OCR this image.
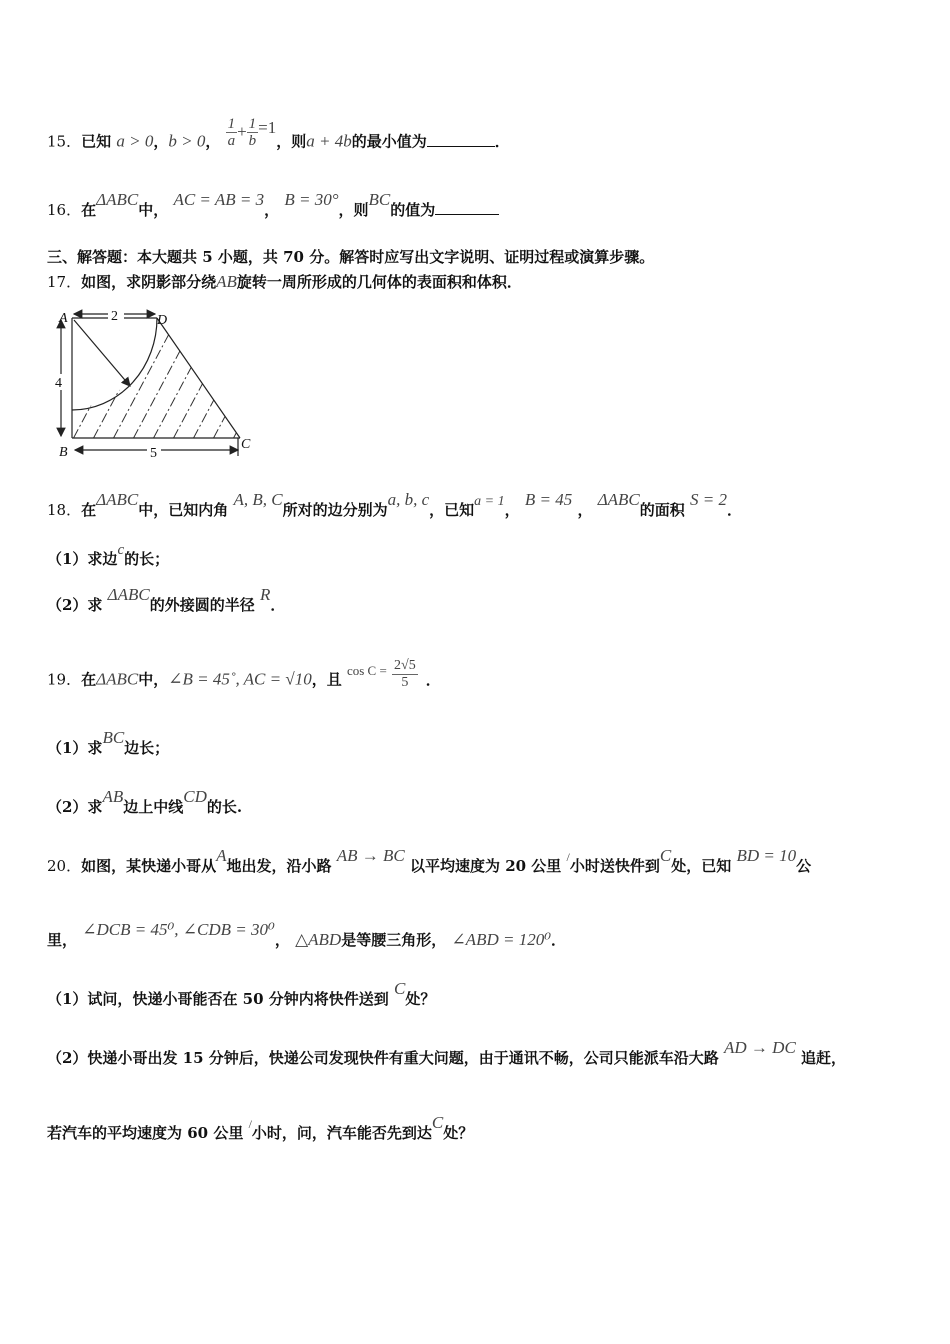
15．已知 a > 0，b > 0， $\frac{1}{a} + \frac{1}{b} =1$，则a + 4b的最小值为	．
16．在ΔABC中， AC = AB = 3， B = 30°，则BC的值为
三、解答题：本大题共 5 小题，共 70 分。解答时应写出文字说明、证明过程或演算步骤。
17．如图，求阴影部分绕AB旋转一周所形成的几何体的表面积和体积．
A	D
B
C
2
4
5
18．在ΔABC中，已知内角 A, B, C所对的边分别为a, b, c，已知a = 1， B = 45 ， ΔABC的面积 S = 2．
（1）求边c的长；
（2）求 ΔABC的外接圆的半径 R．
19．在ΔABC中，∠B = 45˚, AC = √10，且 $\cos C = \frac{2√5}{5}$ ．
（1）求BC边长；
（2）求AB边上中线CD的长.
20．如图，某快递小哥从A地出发，沿小路 AB → BC 以平均速度为 20 公里 /小时送快件到C处，已知 BD = 10公
里， ∠DCB = 45⁰, ∠CDB = 30⁰， △ABD是等腰三角形， ∠ABD = 120⁰．
（1）试问，快递小哥能否在 50 分钟内将快件送到 C处？
（2）快递小哥出发 15 分钟后，快递公司发现快件有重大问题，由于通讯不畅，公司只能派车沿大路 AD → DC 追赶，
若汽车的平均速度为 60 公里 /小时，问，汽车能否先到达C处？
